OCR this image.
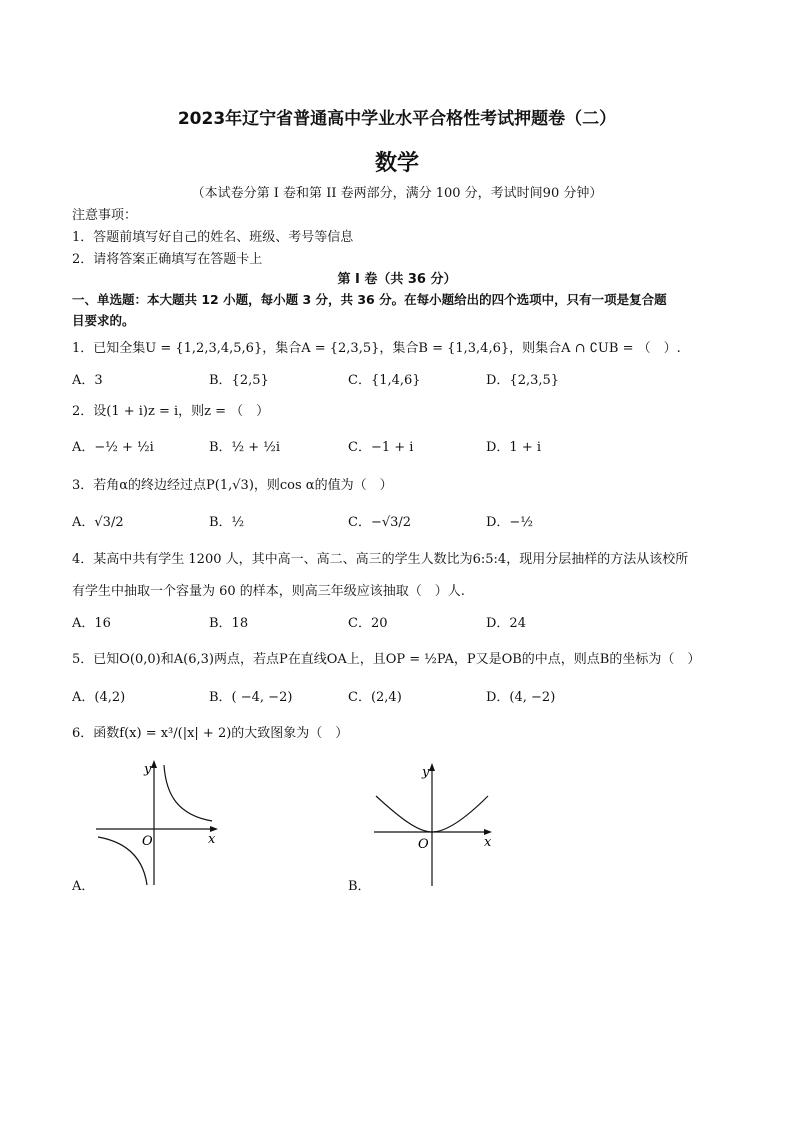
2023年辽宁省普通高中学业水平合格性考试押题卷（二）
数学
（本试卷分第 I 卷和第 II 卷两部分，满分 100 分，考试时间90 分钟）
注意事项：
1．答题前填写好自己的姓名、班级、考号等信息
2．请将答案正确填写在答题卡上
第 I 卷（共 36 分）
一、单选题：本大题共 12 小题，每小题 3 分，共 36 分。在每小题给出的四个选项中，只有一项是复合题
目要求的。
1．已知全集U = {1,2,3,4,5,6}，集合A = {2,3,5}，集合B = {1,3,4,6}，则集合A ∩ ∁UB = （　）.
A．3	B．{2,5}	C．{1,4,6}	D．{2,3,5}
2．设(1 + i)z = i，则z = （　）
A．−½ + ½i	B．½ + ½i	C．−1 + i	D．1 + i
3．若角α的终边经过点P(1,√3)，则cos α的值为（　）
A．√3/2	B．½	C．−√3/2	D．−½
4．某高中共有学生 1200 人，其中高一、高二、高三的学生人数比为6:5:4，现用分层抽样的方法从该校所
有学生中抽取一个容量为 60 的样本，则高三年级应该抽取（　）人.
A．16	B．18	C．20	D．24
5．已知O(0,0)和A(6,3)两点，若点P在直线OA上，且OP = ½PA，P又是OB的中点，则点B的坐标为（　）
A．(4,2)	B．( −4, −2)	C．(2,4)	D．(4, −2)
6．函数f(x) = x³/(|x| + 2)的大致图象为（　）
y
x
O
A．
y
x
O
B．
